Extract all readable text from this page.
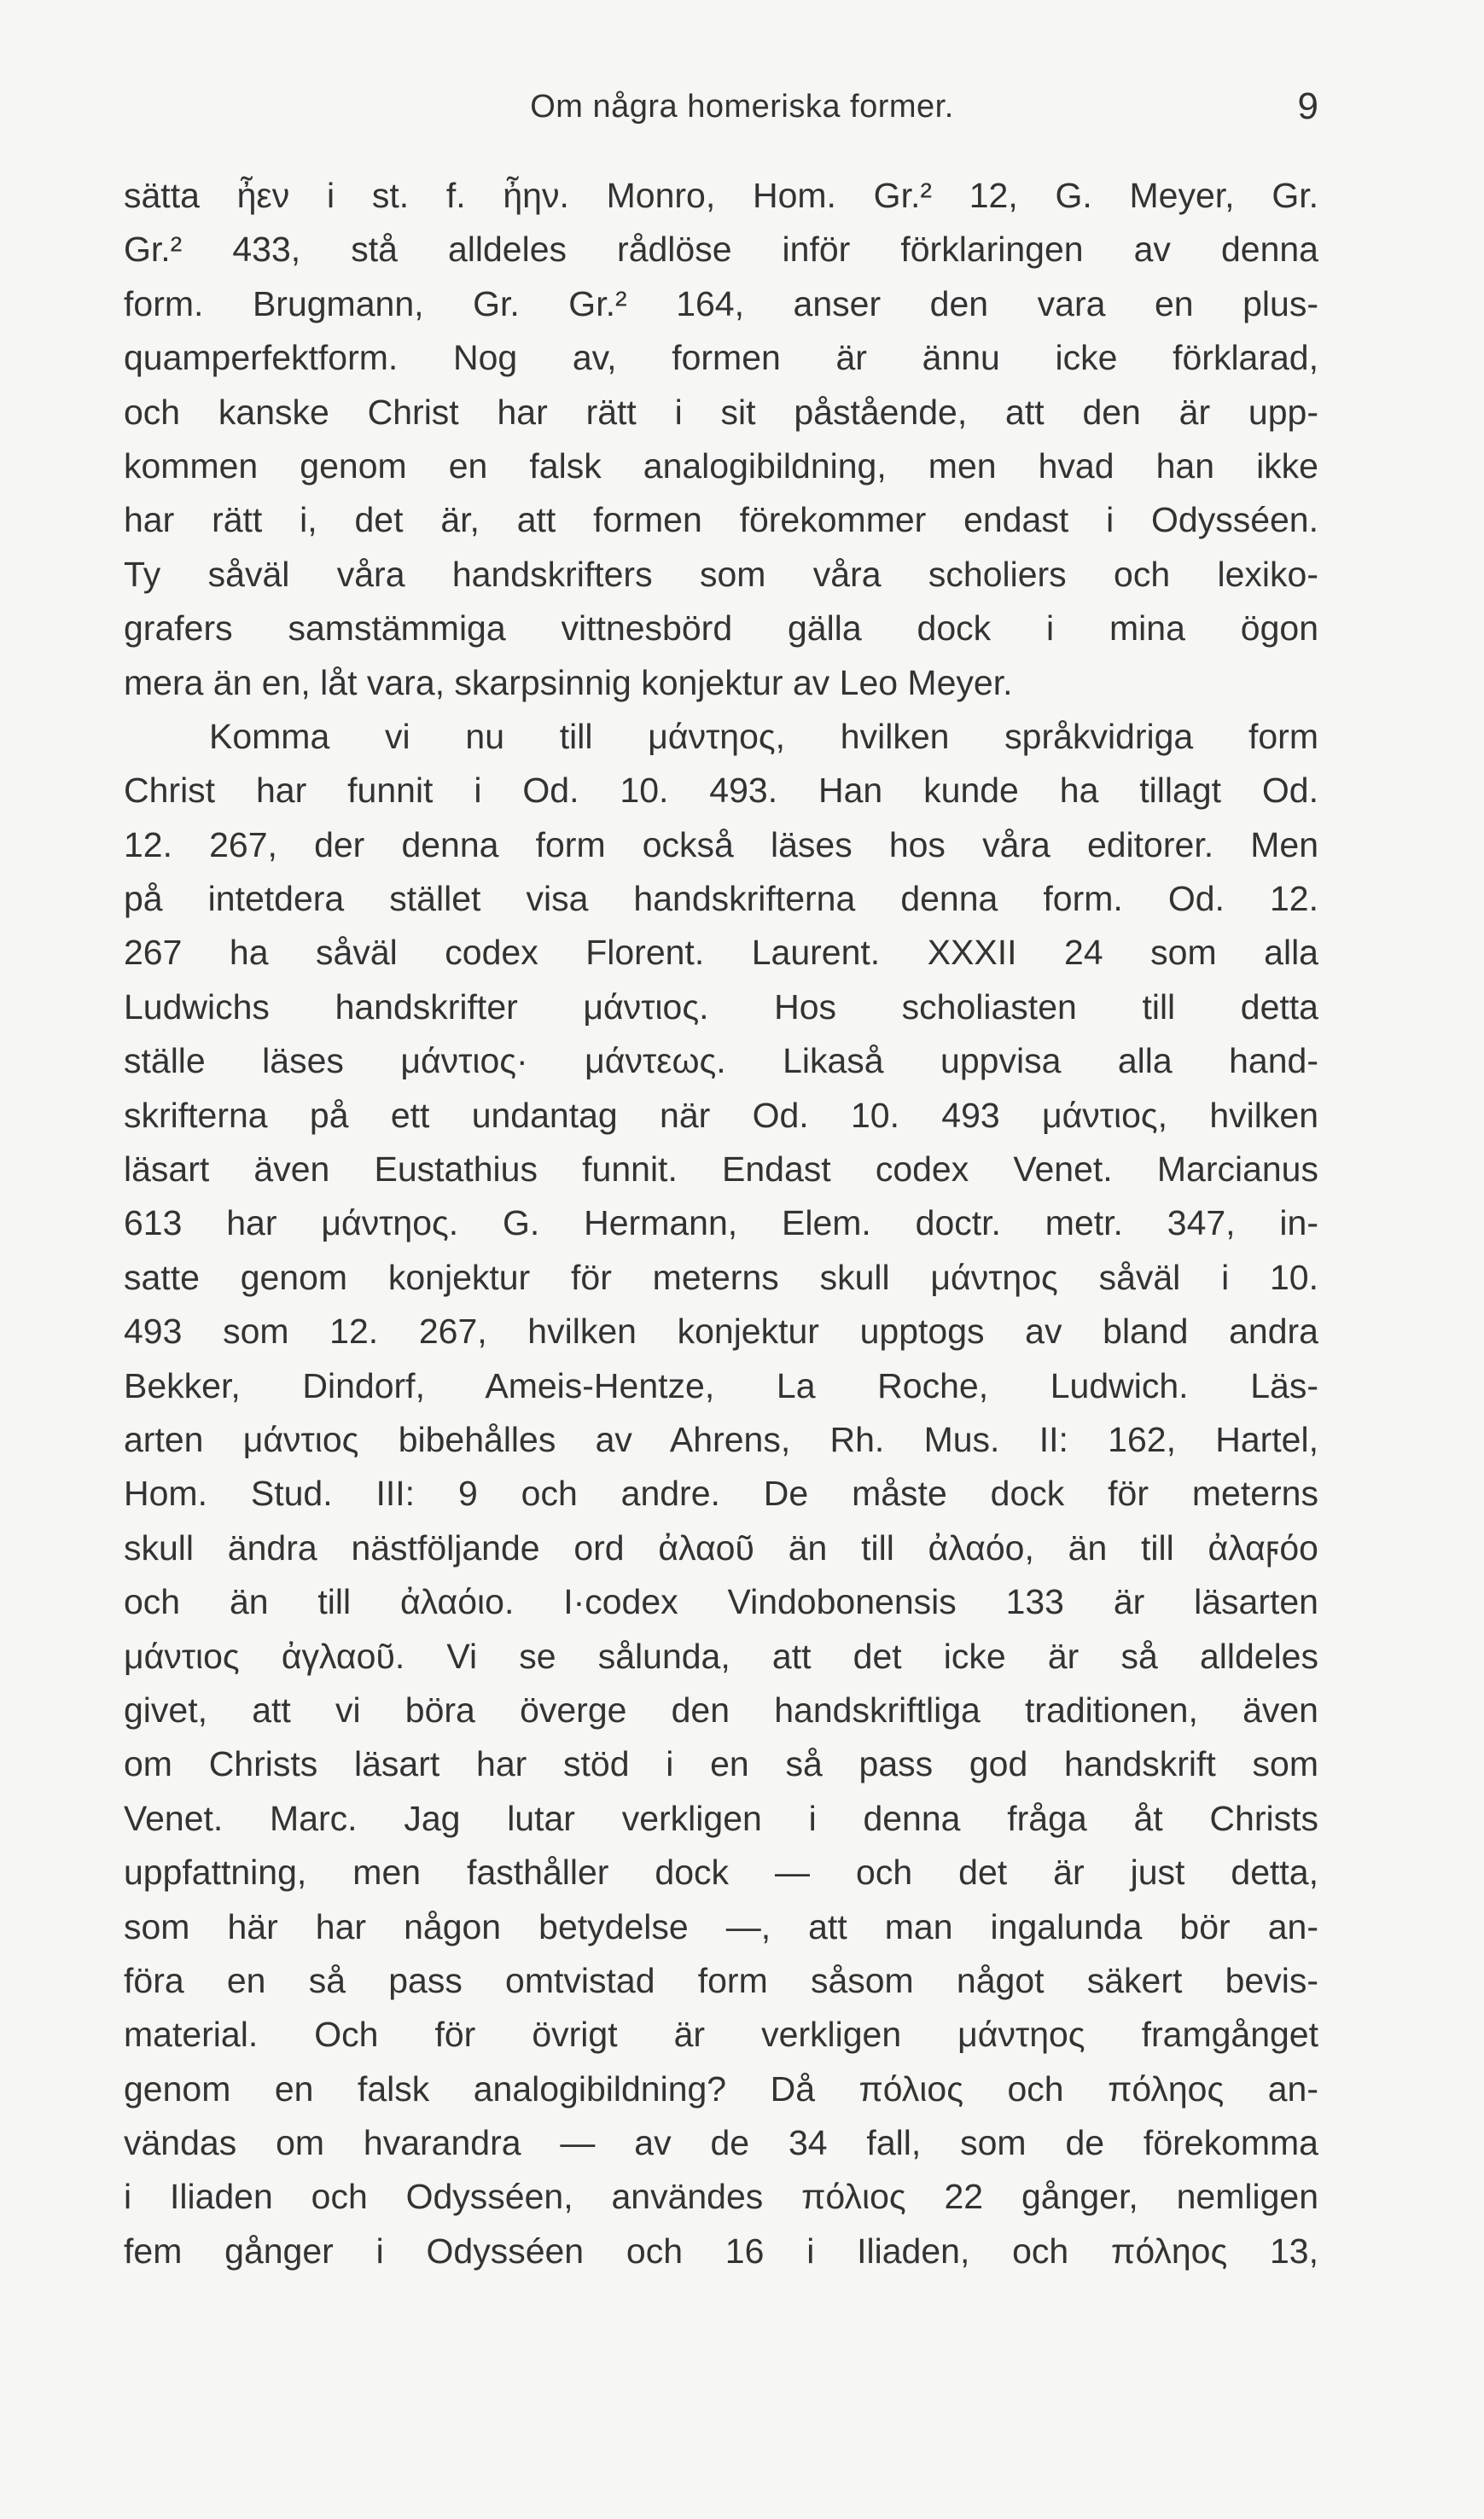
Om några homeriska former.	9
sätta ἦεν i st. f. ἦην. Monro, Hom. Gr.² 12, G. Meyer, Gr.
Gr.² 433, stå alldeles rådlöse inför förklaringen av denna
form. Brugmann, Gr. Gr.² 164, anser den vara en plus-
quamperfektform. Nog av, formen är ännu icke förklarad,
och kanske Christ har rätt i sit påstående, att den är upp-
kommen genom en falsk analogibildning, men hvad han ikke
har rätt i, det är, att formen förekommer endast i Odysséen.
Ty såväl våra handskrifters som våra scholiers och lexiko-
grafers samstämmiga vittnesbörd gälla dock i mina ögon
mera än en, låt vara, skarpsinnig konjektur av Leo Meyer.
Komma vi nu till μάντηος, hvilken språkvidriga form
Christ har funnit i Od. 10. 493. Han kunde ha tillagt Od.
12. 267, der denna form också läses hos våra editorer. Men
på intetdera stället visa handskrifterna denna form. Od. 12.
267 ha såväl codex Florent. Laurent. XXXII 24 som alla
Ludwichs handskrifter μάντιος. Hos scholiasten till detta
ställe läses μάντιος· μάντεως. Likaså uppvisa alla hand-
skrifterna på ett undantag när Od. 10. 493 μάντιος, hvilken
läsart även Eustathius funnit. Endast codex Venet. Marcianus
613 har μάντηος. G. Hermann, Elem. doctr. metr. 347, in-
satte genom konjektur för meterns skull μάντηος såväl i 10.
493 som 12. 267, hvilken konjektur upptogs av bland andra
Bekker, Dindorf, Ameis-Hentze, La Roche, Ludwich. Läs-
arten μάντιος bibehålles av Ahrens, Rh. Mus. II: 162, Hartel,
Hom. Stud. III: 9 och andre. De måste dock för meterns
skull ändra nästföljande ord ἀλαοῦ än till ἀλαόο, än till ἀλαϝόο
och än till ἀλαόιο. I·codex Vindobonensis 133 är läsarten
μάντιος ἀγλαοῦ. Vi se sålunda, att det icke är så alldeles
givet, att vi böra överge den handskriftliga traditionen, även
om Christs läsart har stöd i en så pass god handskrift som
Venet. Marc. Jag lutar verkligen i denna fråga åt Christs
uppfattning, men fasthåller dock — och det är just detta,
som här har någon betydelse —, att man ingalunda bör an-
föra en så pass omtvistad form såsom något säkert bevis-
material. Och för övrigt är verkligen μάντηος framgånget
genom en falsk analogibildning? Då πόλιος och πόληος an-
vändas om hvarandra — av de 34 fall, som de förekomma
i Iliaden och Odysséen, användes πόλιος 22 gånger, nemligen
fem gånger i Odysséen och 16 i Iliaden, och πόληος 13,
